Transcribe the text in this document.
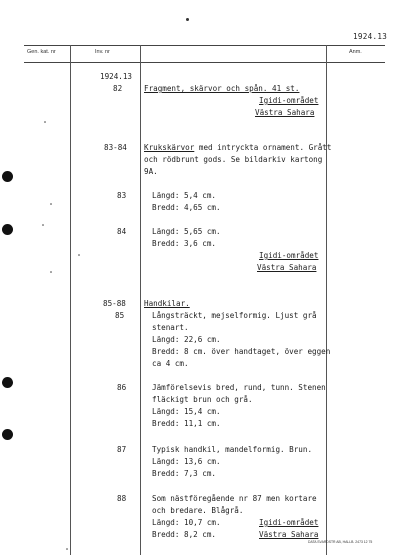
1924.13
Gen. kat. nr	Inv. nr	Anm.
1924.13
82	Fragment, skärvor och spån. 41 st.
Igidi-området
Västra Sahara
83-84 Krukskärvor med intryckta ornament. Grått
och rödbrunt gods. Se bildarkiv kartong
9A.
83	Längd: 5,4 cm.
Bredd: 4,65 cm.
84	Längd: 5,65 cm.
Bredd: 3,6 cm.
Igidi-området
Västra Sahara
85-88 Handkilar.
85	Långsträckt, mejselformig. Ljust grå
stenart.
Längd: 22,6 cm.
Bredd: 8 cm. över handtaget, över eggen
ca 4 cm.
86	Jämförelsevis bred, rund, tunn. Stenen
fläckigt brun och grå.
Längd: 15,4 cm.
Bredd: 11,1 cm.
87	Typisk handkil, mandelformig. Brun.
Längd: 13,6 cm.
Bredd: 7,3 cm.
88	Som nästföregående nr 87 men kortare
och bredare. Blågrå.
Längd: 10,7 cm.
Bredd: 8,2 cm.
Igidi-området
Västra Sahara
DATA SVARDSTR AB, HALLB. 2473 12 75
